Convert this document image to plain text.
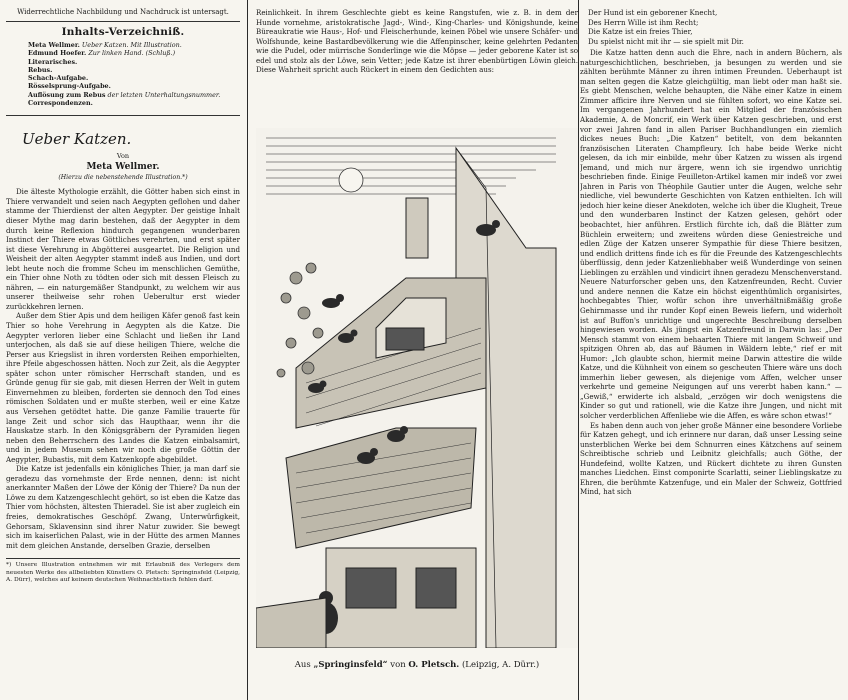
Widerrechtliche Nachbildung und Nachdruck ist untersagt.
Inhalts-Verzeichniß.
Meta Wellmer. Ueber Katzen. Mit Illustration.
Edmund Hoefer. Zur linken Hand. (Schluß.)
Literarisches.
Rebus.
Schach-Aufgabe.
Rösselsprung-Aufgabe.
Auflösung zum Rebus der letzten Unterhaltungsnummer.
Correspondenzen.
Ueber Katzen.
Von
Meta Wellmer.
(Hierzu die nebenstehende Illustration.*)

Die älteste Mythologie erzählt, die Götter haben sich einst in Thiere verwandelt und seien nach Aegypten geflohen und daher stamme der Thierdienst der alten Aegypter. Der geistige Inhalt dieser Mythe mag darin bestehen, daß der Aegypter in dem durch keine Reflexion hindurch gegangenen wunderbaren Instinct der Thiere etwas Göttliches verehrten, und erst später ist diese Verehrung in Abgötterei ausgeartet. Die Religion und Weisheit der alten Aegypter stammt indeß aus Indien, und dort lebt heute noch die fromme Scheu im menschlichen Gemüthe, ein Thier ohne Noth zu tödten oder sich mit dessen Fleisch zu nähren, — ein naturgemäßer Standpunkt, zu welchem wir aus unserer theilweise sehr rohen Ueberultur erst wieder zurückkehren lernen.

Außer dem Stier Apis und dem heiligen Käfer genoß fast kein Thier so hohe Verehrung in Aegypten als die Katze. Die Aegypter verloren lieber eine Schlacht und ließen ihr Land unterjochen, als daß sie auf diese heiligen Thiere, welche die Perser aus Kriegslist in ihren vordersten Reihen emporhielten, ihre Pfeile abgeschossen hätten. Noch zur Zeit, als die Aegypter später schon unter römischer Herrschaft standen, und es Gründe genug für sie gab, mit diesen Herren der Welt in gutem Einvernehmen zu bleiben, forderten sie dennoch den Tod eines römischen Soldaten und er mußte sterben, weil er eine Katze aus Versehen getödtet hatte. Die ganze Familie trauerte für lange Zeit und schor sich das Haupthaar, wenn ihr die Hauskatze starb. In den Königsgräbern der Pyramiden liegen neben den Beherrschern des Landes die Katzen einbalsamirt, und in jedem Museum sehen wir noch die große Göttin der Aegypter, Bubastis, mit dem Katzenkopfe abgebildet.

Die Katze ist jedenfalls ein königliches Thier, ja man darf sie geradezu das vornehmste der Erde nennen, denn: ist nicht anerkannter Maßen der Löwe der König der Thiere? Da nun der Löwe zu dem Katzengeschlecht gehört, so ist eben die Katze das Thier vom höchsten, ältesten Thieradel. Sie ist aber zugleich ein freies, demokratisches Geschöpf. Zwang, Unterwürfigkeit, Gehorsam, Sklavensinn sind ihrer Natur zuwider. Sie bewegt sich im kaiserlichen Palast, wie in der Hütte des armen Mannes mit dem gleichen Anstande, derselben Grazie, derselben

*) Unsere Illustration entnehmen wir mit Erlaubniß des Verlegers dem neuesten Werke des allbeliebten Künstlers O. Pletsch: Springinsfeld (Leipzig, A. Dürr), welches auf keinem deutschen Weihnachtstisch fehlen darf.

Reinlichkeit. In ihrem Geschlechte giebt es keine Rangstufen, wie z. B. in dem der Hunde vornehme, aristokratische Jagd-, Wind-, King-Charles- und Königshunde, keine Büreaukratie wie Haus-, Hof- und Fleischerhunde, keinen Pöbel wie unsere Schäfer- und Wolfshunde, keine Bastardbevölkerung wie die Affenpinscher, keine gelehrten Pedanten wie die Pudel, oder mürrische Sonderlinge wie die Möpse — jeder geborene Kater ist so edel und stolz als der Löwe, sein Vetter; jede Katze ist ihrer ebenbürtigen Löwin gleich. Diese Wahrheit spricht auch Rückert in einem den Gedichten aus:

Aus „Springinsfeld“ von O. Pletsch. (Leipzig, A. Dürr.)
Der Hund ist ein geborener Knecht,
Des Herrn Wille ist ihm Recht;
Die Katze ist ein freies Thier,
Du spielst nicht mit ihr — sie spielt mit Dir.

Die Katze hatten denn auch die Ehre, nach in andern Büchern, als naturgeschichtlichen, beschrieben, ja besungen zu werden und sie zählten berühmte Männer zu ihren intimen Freunden. Ueberhaupt ist man selten gegen die Katze gleichgültig, man liebt oder man haßt sie. Es giebt Menschen, welche behaupten, die Nähe einer Katze in einem Zimmer afficire ihre Nerven und sie fühlten sofort, wo eine Katze sei. Im vergangenen Jahrhundert hat ein Mitglied der französischen Akademie, A. de Moncrif, ein Werk über Katzen geschrieben, und erst vor zwei Jahren fand in allen Pariser Buchhandlungen ein ziemlich dickes neues Buch: „Die Katzen“ betitelt, von dem bekannten französischen Literaten Champfleury. Ich habe beide Werke nicht gelesen, da ich mir einbilde, mehr über Katzen zu wissen als irgend Jemand, und mich nur ärgere, wenn ich sie irgendwo unrichtig beschrieben finde. Einige Feuilleton-Artikel kamen mir indeß vor zwei Jahren in Paris von Théophile Gautier unter die Augen, welche sehr niedliche, viel bewunderte Geschichten von Katzen enthielten. Ich will jedoch hier keine dieser Anekdoten, welche ich über die Klugheit, Treue und den wunderbaren Instinct der Katzen gelesen, gehört oder beobachtet, hier anführen. Erstlich fürchte ich, daß die Blätter zum Büchlein erweitern; und zweitens würden diese Geniestreiche und edlen Züge der Katzen unserer Sympathie für diese Thiere besitzen, und endlich drittens finde ich es für die Freunde des Katzengeschlechts überflüssig, denn jeder Katzenliebhaber weiß Wunderdinge von seinen Lieblingen zu erzählen und vindicirt ihnen geradezu Menschenverstand. Neuere Naturforscher geben uns, den Katzenfreunden, Recht. Cuvier und andere nennen die Katze ein höchst eigenthümlich organisirtes, hochbegabtes Thier, wofür schon ihre unverhältnißmäßig große Gehirnmasse und ihr runder Kopf einen Beweis liefern, und widerholt ist auf Buffon's unrichtige und ungerechte Beschreibung derselben hingewiesen worden. Als jüngst ein Katzenfreund in Darwin las: „Der Mensch stammt von einem behaarten Thiere mit langem Schweif und spitzigen Ohren ab, das auf Bäumen in Wäldern lebte,“ rief er mit Humor: „Ich glaubte schon, hiermit meine Darwin attestire die wilde Katze, und die Kühnheit von einem so gescheuten Thiere wäre uns doch immerhin lieber gewesen, als diejenige vom Affen, welcher unser verkehrte und gemeine Neigungen auf uns vererbt haben kann.“ — „Gewiß,“ erwiderte ich alsbald, „erzögen wir doch wenigstens die Kinder so gut und rationell, wie die Katze ihre Jungen, und nicht mit solcher verderblichen Affenliebe wie die Affen, es wäre schon etwas!“

Es haben denn auch von jeher große Männer eine besondere Vorliebe für Katzen gehegt, und ich erinnere nur daran, daß unser Lessing seine unsterblichen Werke bei dem Schnurren eines Kätzchens auf seinem Schreibtische schrieb und Leibnitz gleichfalls; auch Göthe, der Hundefeind, wollte Katzen, und Rückert dichtete zu ihren Gunsten manches Liedchen. Einst componirte Scarlatti, seiner Lieblingskatze zu Ehren, die berühmte Katzenfuge, und ein Maler der Schweiz, Gottfried Mind, hat sich
